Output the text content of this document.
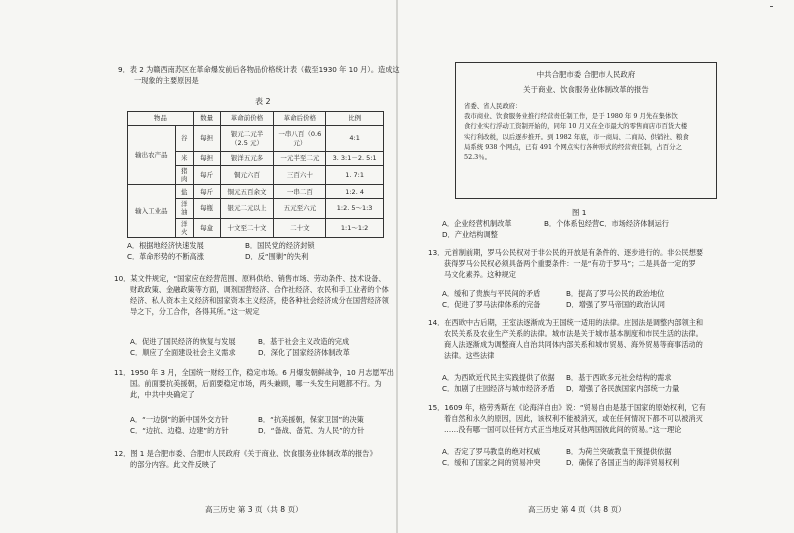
9．表 2 为赣西南苏区在革命爆发前后各物品价格统计表（截至1930 年 10 月）。造成这

一现象的主要原因是

表 2
物品		数量	革命前价格	革命后价格	比例
输出农产品	谷	每担	银元二元半（2.5 元）	一串八百（0.6 元）	4:1
	米	每担	银洋五元多	一元半至二元	3. 3:1－2. 5:1
	猪肉	每斤	铜元六百	三百六十	1. 7:1
输入工业品	盐	每斤	铜元五百余文	一串二百	1:2. 4
	洋油	每瓶	银元二元以上	五元至六元	1:2. 5～1:3
	洋火	每盒	十文至二十文	二十文	1:1～1:2
A．根据地经济快速发展	B．国民党的经济封锁
C．革命形势的不断高涨	D．反“围剿”的失利

10．某文件规定，“国家应在经营范围、原料供给、销售市场、劳动条件、技术设备、

财政政策、金融政策等方面，调剂国营经济、合作社经济、农民和手工业者的个体

经济、私人资本主义经济和国家资本主义经济，使各种社会经济成分在国营经济领

导之下，分工合作，各得其所。”这一规定

A．促进了国民经济的恢复与发展	B．基于社会主义改造的完成
C．顺应了全面建设社会主义需求	D．深化了国家经济体制改革

11．1950 年 3 月，全国统一财经工作，稳定市场。6 月爆发朝鲜战争，10 月志愿军出

国。前面要抗美援朝，后面要稳定市场，两头兼顾，哪一头发生问题都不行。为

此，中共中央确定了

A．“一边倒”的新中国外交方针	B．“抗美援朝，保家卫国”的决策
C．“边抗、边稳、边建”的方针	D．“备战、备荒、为人民”的方针

12．图 1 是合肥市委、合肥市人民政府《关于商业、饮食服务业体制改革的报告》

的部分内容。此文件反映了

中共合肥市委 合肥市人民政府
关于商业、饮食服务业体制改革的报告

省委、省人民政府：

我市商业、饮食服务业推行经营责任制工作，是于 1980 年 9 月先在集体饮

食行业实行浮动工资制开始的，同年 10 月又在全市最大的零售商店市百货大楼

实行利改税，以后逐步推开。到 1982 年底，市一商局、二商局、供销社、粮食

局系统 938 个网点，已有 491 个网点实行各种形式的经营责任制，占百分之

52.3％。

图 1
A．企业经营机制改革	B．个体系包经营 C．市场经济体制运行
D．产业结构调整

13．元首制前期，罗马公民权对于非公民的开放是有条件的、逐步进行的。非公民想要

获得罗马公民权必须具备两个重要条件：一是“有功于罗马”；二是具备一定的罗

马文化素养。这种规定

A．缓和了贵族与平民间的矛盾	B．提高了罗马公民的政治地位
C．促进了罗马法律体系的完备	D．增强了罗马帝国的政治认同

14．在西欧中古后期，王室法逐渐成为王国统一适用的法律。庄园法是调整内部领主和

农民关系及农业生产关系的法律。城市法是关于城市基本制度和市民生活的法律。

商人法逐渐成为调整商人自治共同体内部关系和城市贸易、海外贸易等商事活动的

法律。这些法律

A．为西欧近代民主实践提供了依据	B．基于西欧多元社会结构的需求
C．加剧了庄园经济与城市经济矛盾	D．增强了各民族国家内部统一力量

15．1609 年，格劳秀斯在《论海洋自由》说：“贸易自由是基于国家的原始权利，它有

着自然和永久的原因，因此，该权利不能被消灭，或在任何情况下都不可以被消灭

……没有哪一国可以任何方式正当地反对其他两国彼此间的贸易。”这一理论

A．否定了罗马教皇的绝对权威	B．为荷兰突破教皇干预提供依据
C．缓和了国家之间的贸易冲突	D．确保了各国正当的海洋贸易权利
高三历史 第 3 页（共 8 页）	高三历史 第 4 页（共 8 页）
